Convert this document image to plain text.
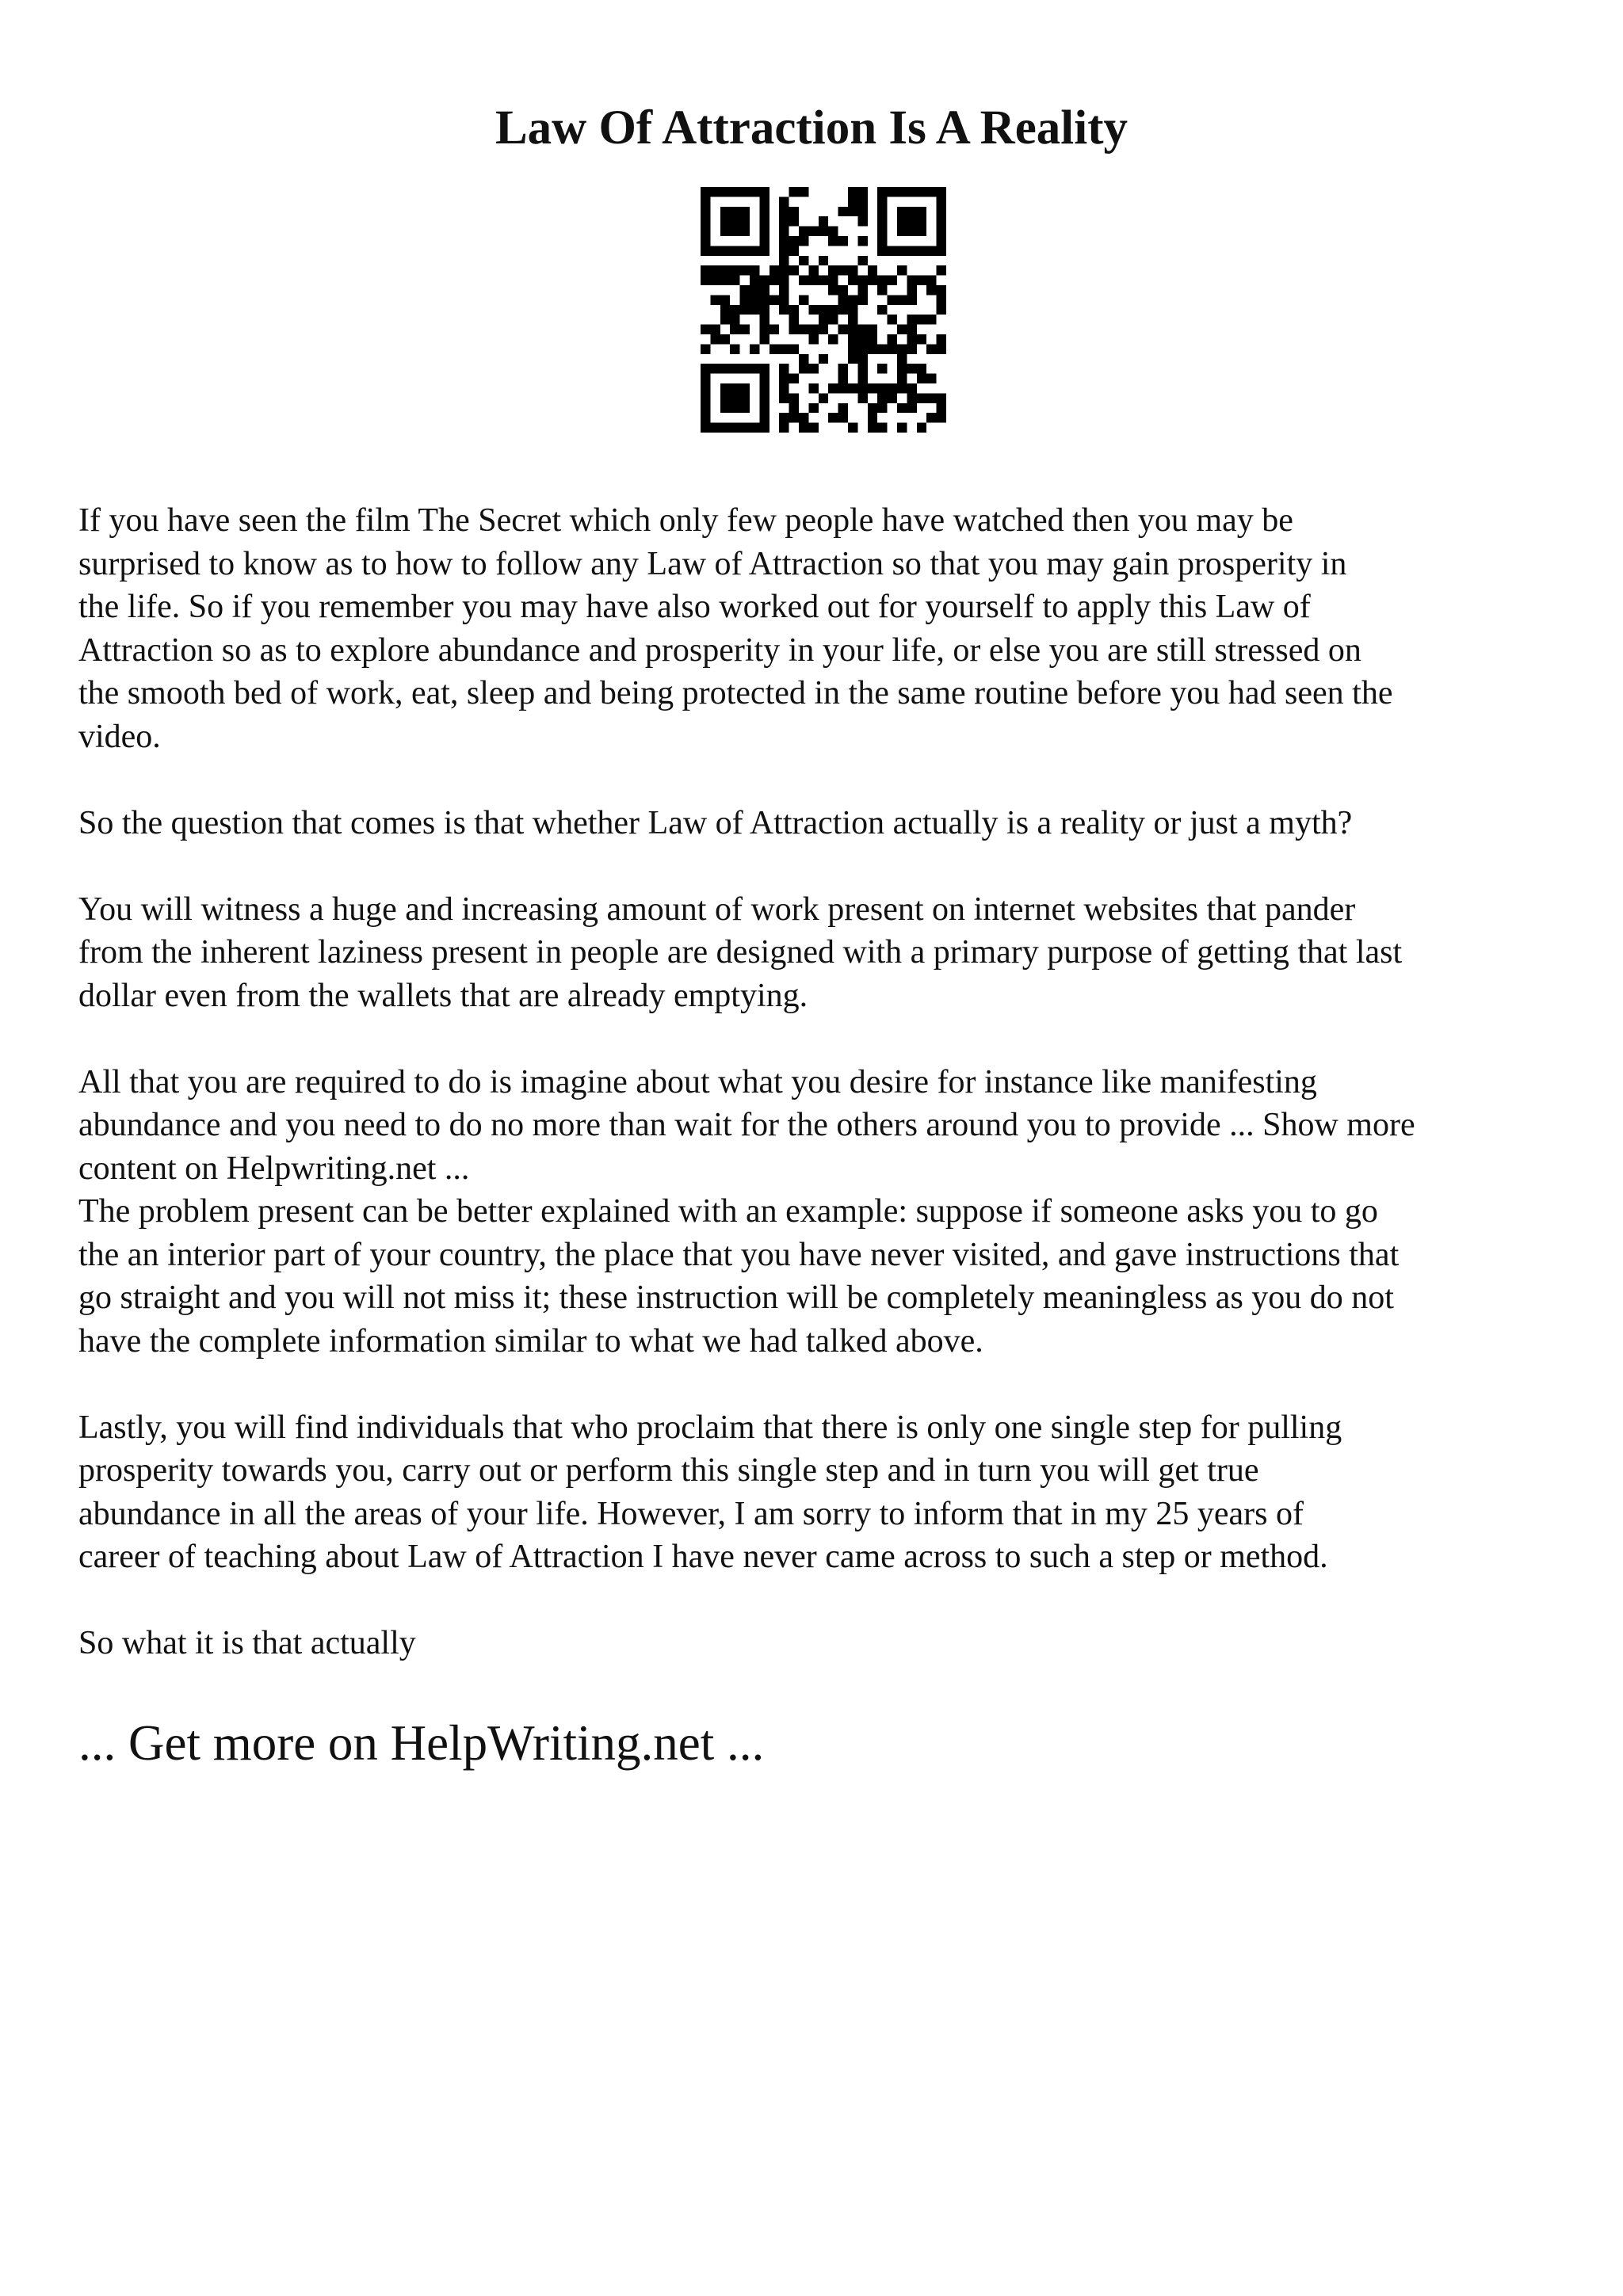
Law Of Attraction Is A Reality

If you have seen the film The Secret which only few people have watched then you may be
surprised to know as to how to follow any Law of Attraction so that you may gain prosperity in
the life. So if you remember you may have also worked out for yourself to apply this Law of
Attraction so as to explore abundance and prosperity in your life, or else you are still stressed on
the smooth bed of work, eat, sleep and being protected in the same routine before you had seen the
video.

So the question that comes is that whether Law of Attraction actually is a reality or just a myth?

You will witness a huge and increasing amount of work present on internet websites that pander
from the inherent laziness present in people are designed with a primary purpose of getting that last
dollar even from the wallets that are already emptying.

All that you are required to do is imagine about what you desire for instance like manifesting
abundance and you need to do no more than wait for the others around you to provide ... Show more
content on Helpwriting.net ...

The problem present can be better explained with an example: suppose if someone asks you to go
the an interior part of your country, the place that you have never visited, and gave instructions that
go straight and you will not miss it; these instruction will be completely meaningless as you do not
have the complete information similar to what we had talked above.

Lastly, you will find individuals that who proclaim that there is only one single step for pulling
prosperity towards you, carry out or perform this single step and in turn you will get true
abundance in all the areas of your life. However, I am sorry to inform that in my 25 years of
career of teaching about Law of Attraction I have never came across to such a step or method.

So what it is that actually

... Get more on HelpWriting.net ...
